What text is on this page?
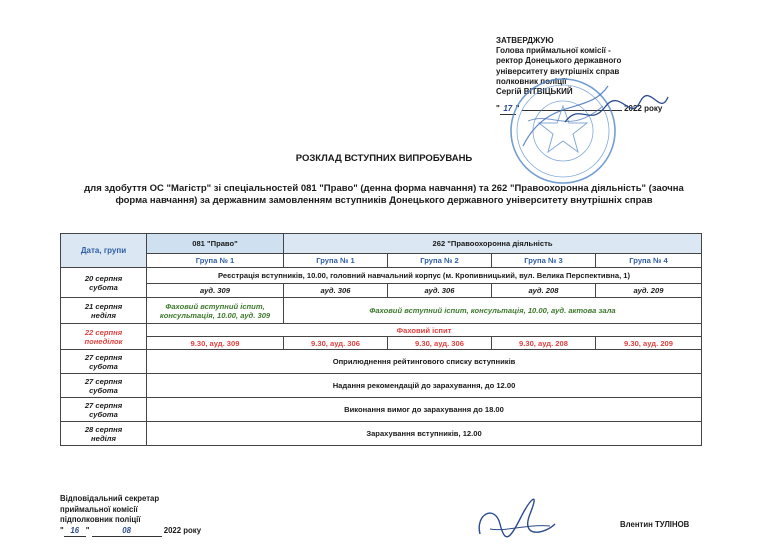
ЗАТВЕРДЖУЮ
Голова приймальної комісії -
ректор Донецького державного
університету внутрішніх справ
полковник поліції
Сергій ВІТВІЦЬКИЙ
" 17 "

	2022 року
РОЗКЛАД ВСТУПНИХ ВИПРОБУВАНЬ
для здобуття ОС "Магістр" зі спеціальностей 081 "Право" (денна форма навчання) та 262 "Правоохоронна діяльність" (заочна форма навчання) за державним замовленням вступників Донецького державного університету внутрішніх справ
Дата, групи	081 "Право"	262 "Правоохоронна діяльність			
	Група № 1	Група № 1	Група № 2	Група № 3	Група № 4
20 серпня
субота	Реєстрація вступників, 10.00, головний навчальний корпус (м. Кропивницький, вул. Велика Перспективна, 1)				
	ауд. 309	ауд. 306	ауд. 306	ауд. 208	ауд. 209
21 серпня
неділя	Фаховий вступний іспит,
консультація, 10.00, ауд. 309	Фаховий вступний іспит, консультація, 10.00, ауд. актова зала			
22 серпня
понеділок	Фаховий іспит				
	9.30, ауд. 309	9.30, ауд. 306	9.30, ауд. 306	9.30, ауд. 208	9.30, ауд. 209
27 серпня
субота	Оприлюднення рейтингового списку вступників				
27 серпня
субота	Надання рекомендацій до зарахування, до 12.00				
27 серпня
субота	Виконання вимог до зарахування до 18.00				
28 серпня
неділя	Зарахування вступників, 12.00				
Відповідальний секретар
приймальної комісії
підполковник поліції
" 16 "
	08
	2022 року
Влентин ТУЛІНОВ
